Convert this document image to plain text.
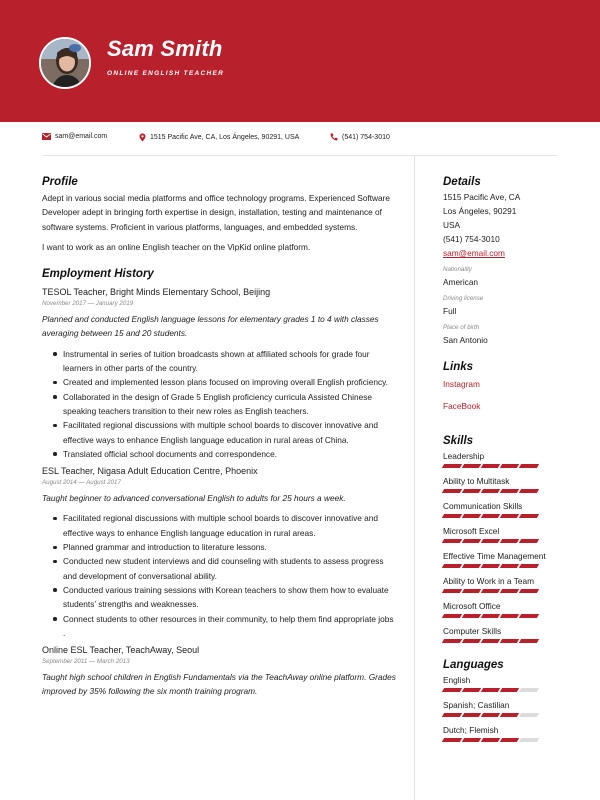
Sam Smith
ONLINE ENGLISH TEACHER
sam@email.com	1515 Pacific Ave, CA, Los Ángeles, 90291, USA	(541) 754-3010
Profile
Adept in various social media platforms and office technology programs. Experienced Software Developer adept in bringing forth expertise in design, installation, testing and maintenance of software systems. Proficient in various platforms, languages, and embedded systems.
I want to work as an online English teacher on the VipKid online platform.
Employment History
TESOL Teacher, Bright Minds Elementary School, Beijing
November 2017 — January 2019
Planned and conducted English language lessons for elementary grades 1 to 4 with classes averaging between 15 and 20 students.
Instrumental in series of tuition broadcasts shown at affiliated schools for grade four learners in other parts of the country.
Created and implemented lesson plans focused on improving overall English proficiency.
Collaborated in the design of Grade 5 English proficiency curricula Assisted Chinese speaking teachers transition to their new roles as English teachers.
Facilitated regional discussions with multiple school boards to discover innovative and effective ways to enhance English language education in rural areas of China.
Translated official school documents and correspondence.
ESL Teacher, Nigasa Adult Education Centre, Phoenix
August 2014 — August 2017
Taught beginner to advanced conversational English to adults for 25 hours a week.
Facilitated regional discussions with multiple school boards to discover innovative and effective ways to enhance English language education in rural areas.
Planned grammar and introduction to literature lessons.
Conducted new student interviews and did counseling with students to assess progress and development of conversational ability.
Conducted various training sessions with Korean teachers to show them how to evaluate students’ strengths and weaknesses.
Connect students to other resources in their community, to help them find appropriate jobs .
Online ESL Teacher, TeachAway, Seoul
September 2011 — March 2013
Taught high school children in English Fundamentals via the TeachAway online platform. Grades improved by 35% following the six month training program.
Details
1515 Pacific Ave, CA
Los Ángeles, 90291
USA
(541) 754-3010
sam@email.com
Nationality
American
Driving license
Full
Place of birth
San Antonio
Links
Instagram
FaceBook
Skills
Leadership
Ability to Multitask
Communication Skills
Microsoft Excel
Effective Time Management
Ability to Work in a Team
Microsoft Office
Computer Skills
Languages
English
Spanish; Castilian
Dutch; Flemish
